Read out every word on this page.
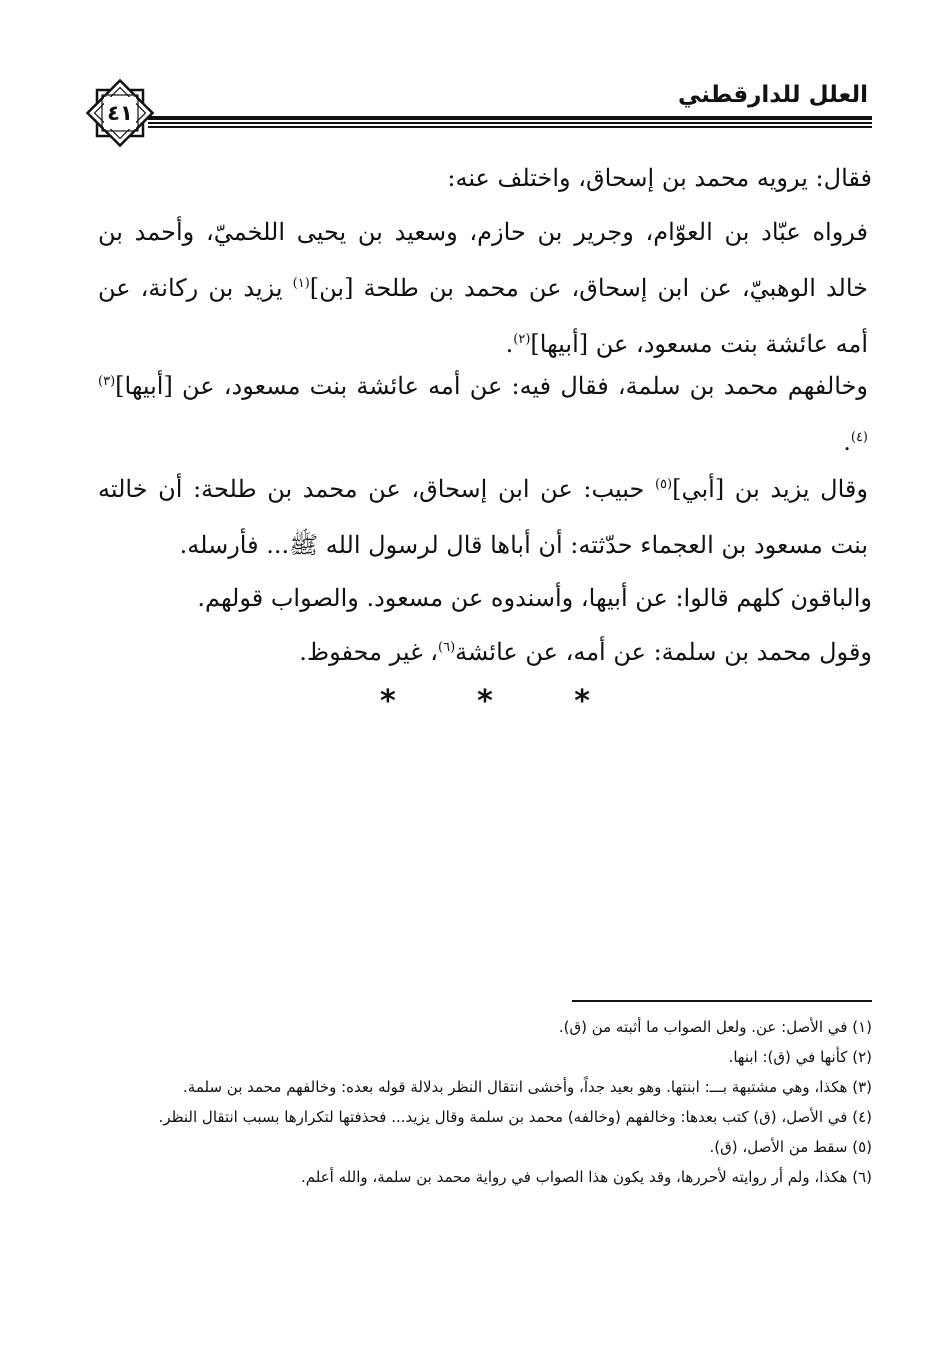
العلل للدارقطني
٤١
فقال: يرويه محمد بن إسحاق، واختلف عنه:
فرواه عبّاد بن العوّام، وجرير بن حازم، وسعيد بن يحيى اللخميّ، وأحمد بن خالد الوهبيّ، عن ابن إسحاق، عن محمد بن طلحة [بن]$^{(١)}$ يزيد بن ركانة، عن أمه عائشة بنت مسعود، عن [أبيها]$^{(٢)}$.
وخالفهم محمد بن سلمة، فقال فيه: عن أمه عائشة بنت مسعود، عن [أبيها]$^{(٣)(٤)}$.
وقال يزيد بن [أبي]$^{(٥)}$ حبيب: عن ابن إسحاق، عن محمد بن طلحة: أن خالته بنت مسعود بن العجماء حدّثته: أن أباها قال لرسول الله ﷺ... فأرسله.
والباقون كلهم قالوا: عن أبيها، وأسندوه عن مسعود. والصواب قولهم.
وقول محمد بن سلمة: عن أمه، عن عائشة$^{(٦)}$، غير محفوظ.
*	*	*
(١) في الأصل: عن. ولعل الصواب ما أثبته من (ق).
(٢) كأنها في (ق): ابنها.
(٣) هكذا، وهي مشتبهة بـــ: ابنتها. وهو بعيد جداً، وأخشى انتقال النظر بدلالة قوله بعده: وخالفهم محمد بن سلمة.
(٤) في الأصل، (ق) كتب بعدها: وخالفهم (وخالفه) محمد بن سلمة وقال يزيد... فحذفتها لتكرارها بسبب انتقال النظر.
(٥) سقط من الأصل، (ق).
(٦) هكذا، ولم أر روايته لأحررها، وقد يكون هذا الصواب في رواية محمد بن سلمة، والله أعلم.
